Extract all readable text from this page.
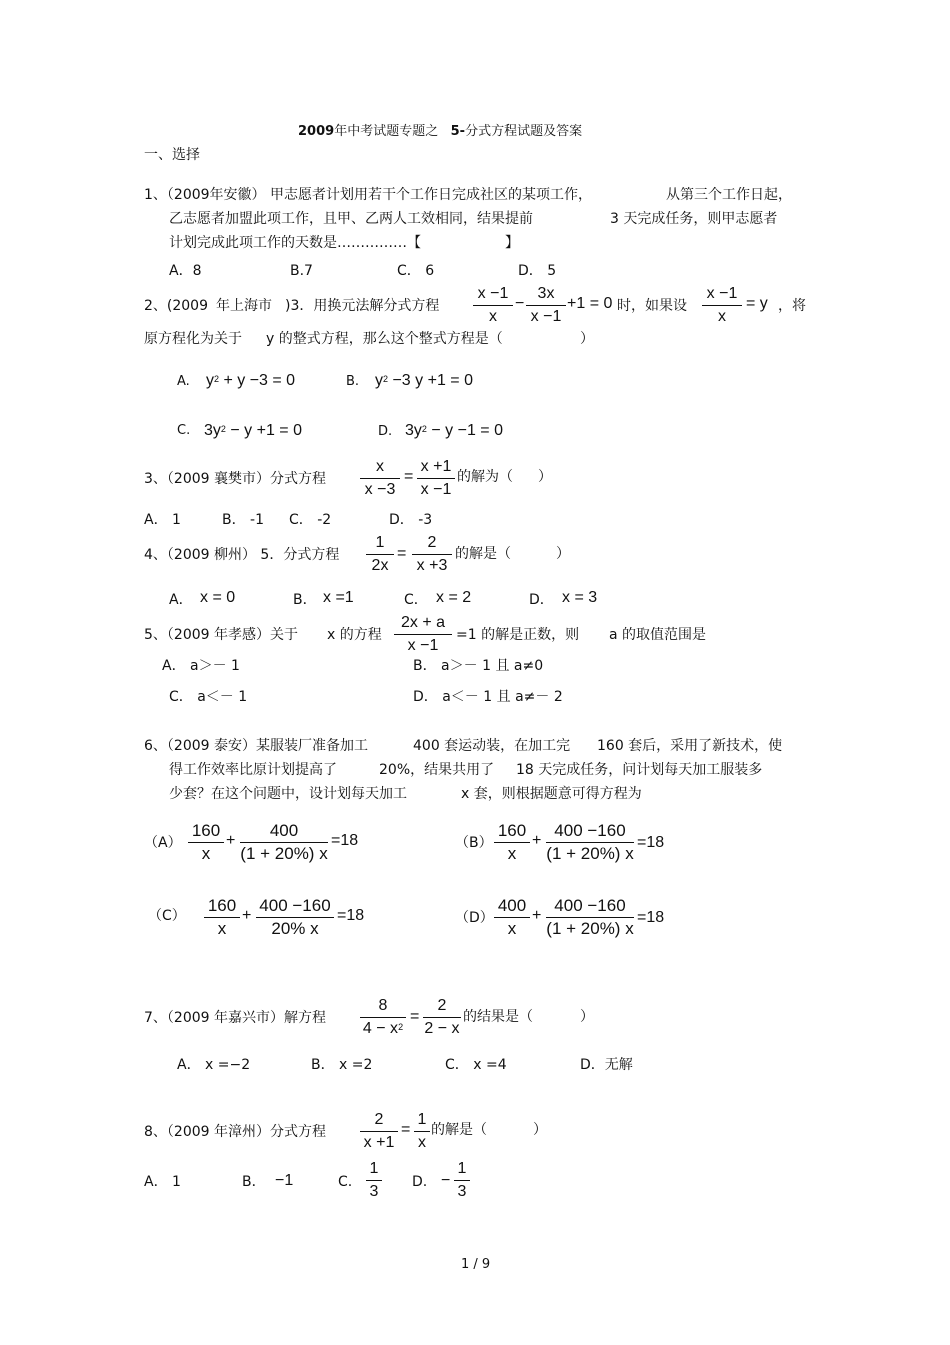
2009年中考试题专题之 5-分式方程试题及答案
一、选择
1、（2009年安徽） 甲志愿者计划用若干个工作日完成社区的某项工作，	从第三个工作日起，
乙志愿者加盟此项工作，且甲、乙两人工效相同，结果提前	3 天完成任务，则甲志愿者
计划完成此项工作的天数是……………【	】
A．8	B.7	C． 6	D． 5
2、(2009 年上海市 )3．用换元法解分式方程
x −1
x
−
3x
x −1
+1 = 0 时，如果设
x −1
x
= y ，将
原方程化为关于 y 的整式方程，那么这个整式方程是（	）
A. $y^2 + y -3 = 0$	B. $y^2 -3$ y +1 = 0
C. $3y^2 - y +1 = 0$	D. $3y^2 - y -1 = 0$
3、（2009 襄樊市）分式方程
x
x −3
=
x +1
x −1
的解为（ ）
A． 1	B． -1 C． -2	D． -3
4、（2009 柳州） 5．分式方程
1
2x
=
2
x +3
的解是（	）
A． x = 0	B． x =1	C． x = 2	D． x = 3
5、（2009 年孝感）关于 x 的方程
2x + a
x −1
=1 的解是正数，则 a 的取值范围是
A． a＞－ 1	B． a＞－ 1 且 a≠0
C． a＜－ 1	D． a＜－ 1 且 a≠－ 2
6、（2009 泰安）某服装厂准备加工	400 套运动装，在加工完 160 套后，采用了新技术，使
得工作效率比原计划提高了	20%，结果共用了 18 天完成任务，问计划每天加工服装多
少套？在这个问题中，设计划每天加工	x 套，则根据题意可得方程为
（A）
160
x
+
400
(1 + 20%) x
=18	（B）
160
x
+
400 −160
(1 + 20%) x
=18
（C）
160
x
+
400 −160
20% x
=18	（D）
400
x
+
400 −160
(1 + 20%) x
=18
7、（2009 年嘉兴市）解方程
8
$4 - x^2$
=
2
2 − x
的结果是（	）
A． x =−2	B． x =2	C． x =4	D．无解
8、（2009 年漳州）分式方程
2
x +1
=
1
x
的解是（	）
A． 1	B． −1	C.
1
3
D. −
1
3
1 / 9
